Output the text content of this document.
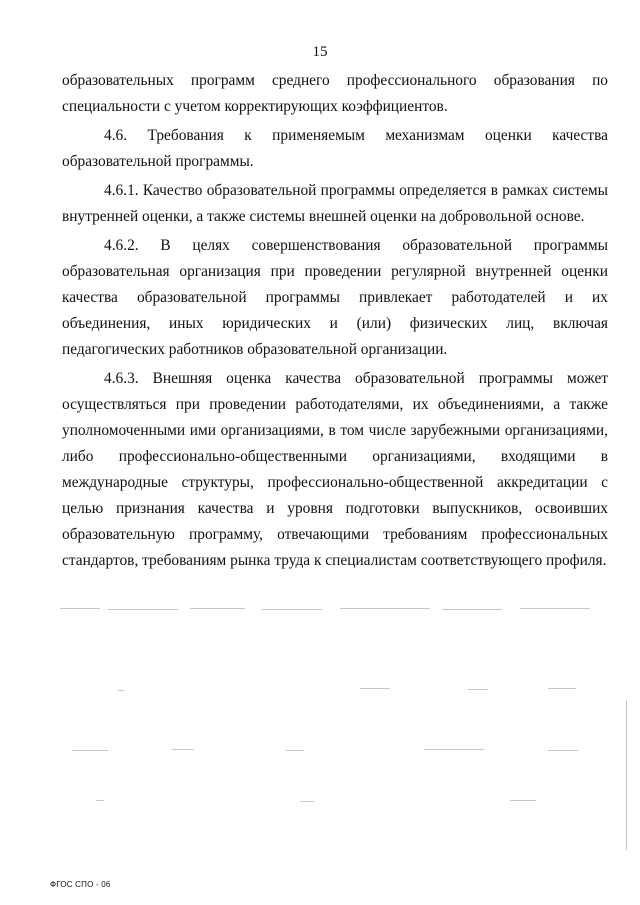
15

образовательных программ среднего профессионального образования по специальности с учетом корректирующих коэффициентов.

4.6. Требования к применяемым механизмам оценки качества образовательной программы.

4.6.1. Качество образовательной программы определяется в рамках системы внутренней оценки, а также системы внешней оценки на добровольной основе.

4.6.2. В целях совершенствования образовательной программы образовательная организация при проведении регулярной внутренней оценки качества образовательной программы привлекает работодателей и их объединения, иных юридических и (или) физических лиц, включая педагогических работников образовательной организации.

4.6.3. Внешняя оценка качества образовательной программы может осуществляться при проведении работодателями, их объединениями, а также уполномоченными ими организациями, в том числе зарубежными организациями, либо профессионально-общественными организациями, входящими в международные структуры, профессионально-общественной аккредитации с целью признания качества и уровня подготовки выпускников, освоивших образовательную программу, отвечающими требованиям профессиональных стандартов, требованиям рынка труда к специалистам соответствующего профиля.

ФГОС СПО - 06
